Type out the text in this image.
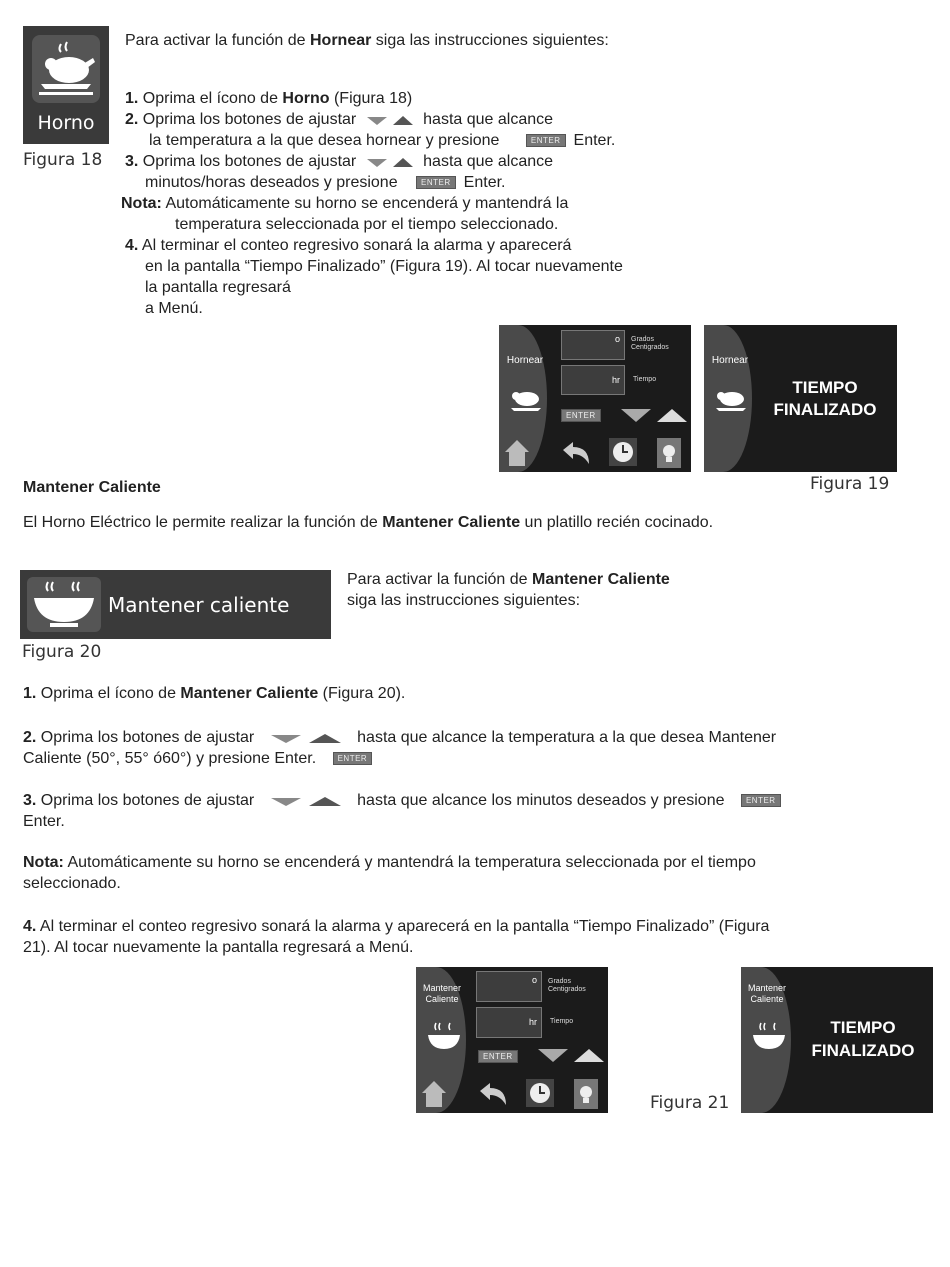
Horno
Figura 18
Para activar la función de Hornear siga las instrucciones siguientes:
1. Oprima el ícono de Horno (Figura 18)
2. Oprima los botones de ajustar	hasta que alcance
la temperatura a la que desea hornear y presione	ENTER Enter.
3. Oprima los botones de ajustar	hasta que alcance
minutos/horas deseados y presione	ENTER Enter.
Nota: Automáticamente su horno se encenderá y mantendrá la
temperatura seleccionada por el tiempo seleccionado.
4. Al terminar el conteo regresivo sonará la alarma y aparecerá
en la pantalla “Tiempo Finalizado” (Figura 19). Al tocar nuevamente
la pantalla regresará
a Menú.
Hornear
o	Grados
Centigrados
hr	Tiempo
ENTER
Hornear
TIEMPO
FINALIZADO
Figura 19
Mantener Caliente
El Horno Eléctrico le permite realizar la función de Mantener Caliente un platillo recién cocinado.
Mantener caliente
Para activar la función de Mantener Caliente
siga las instrucciones siguientes:
Figura 20
1. Oprima el ícono de Mantener Caliente (Figura 20).
2. Oprima los botones de ajustar	hasta que alcance la temperatura a la que desea Mantener
Caliente (50°, 55° ó60°) y presione Enter.	ENTER
3. Oprima los botones de ajustar	hasta que alcance los minutos deseados y presione	ENTER
Enter.
Nota: Automáticamente su horno se encenderá y mantendrá la temperatura seleccionada por el tiempo
seleccionado.
4. Al terminar el conteo regresivo sonará la alarma y aparecerá en la pantalla “Tiempo Finalizado” (Figura
21). Al tocar nuevamente la pantalla regresará a Menú.
Mantener
Caliente
o	Grados
Centigrados
hr	Tiempo
ENTER
Figura 21
Mantener
Caliente
TIEMPO
FINALIZADO
